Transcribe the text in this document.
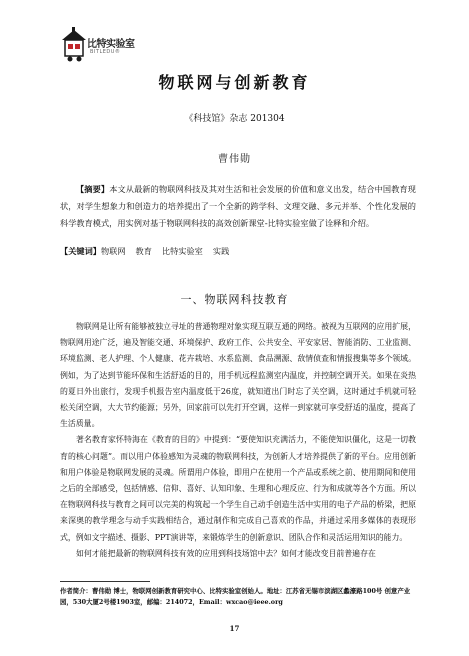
比特实验室
BITLEDU®
物联网与创新教育
《科技馆》杂志 201304
曹伟勋

【摘要】本文从最新的物联网科技及其对生活和社会发展的价值和意义出发，结合中国教育现状，对学生想象力和创造力的培养提出了一个全新的跨学科、文理交融、多元并举、个性化发展的科学教育模式，用实例对基于物联网科技的高效创新课堂-比特实验室做了诠释和介绍。

【关键词】物联网 教育 比特实验室 实践
一、物联网科技教育

物联网是让所有能够被独立寻址的普通物理对象实现互联互通的网络。被视为互联网的应用扩展，物联网用途广泛，遍及智能交通、环境保护、政府工作、公共安全、平安家居、智能消防、工业监测、环境监测、老人护理、个人健康、花卉栽培、水系监测、食品溯源、敌情侦查和情报搜集等多个领域。例如，为了达到节能环保和生活舒适的目的，用手机远程监测室内温度，并控制空调开关。如果在炎热的夏日外出旅行，发现手机报告室内温度低于26度，就知道出门时忘了关空调，这时通过手机就可轻松关闭空调，大大节约能源；另外，回家前可以先打开空调，这样一到家就可享受舒适的温度，提高了生活质量。

著名教育家怀特海在《教育的目的》中提到：“要使知识充满活力，不能使知识僵化，这是一切教育的核心问题”。而以用户体验感知为灵魂的物联网科技，为创新人才培养提供了新的平台。应用创新和用户体验是物联网发展的灵魂。所谓用户体验，即用户在使用一个产品或系统之前、使用期间和使用之后的全部感受，包括情感、信仰、喜好、认知印象、生理和心理反应、行为和成就等各个方面。所以在物联网科技与教育之间可以完美的构筑起一个学生自己动手创造生活中实用的电子产品的桥梁，把原来深奥的教学理念与动手实践相结合，通过制作和完成自己喜欢的作品，并通过采用多媒体的表现形式，例如文字描述、摄影、PPT演讲等，来锻炼学生的创新意识、团队合作和灵活运用知识的能力。

如何才能把最新的物联网科技有效的应用到科技场馆中去？如何才能改变目前普遍存在

作者简介：曹伟勋 博士，物联网创新教育研究中心、比特实验室创始人。地址：江苏省无锡市滨湖区蠡濠路100号 创意产业园，530大厦2号楼1903室，邮编：214072，Email：wxcao@ieee.org

17
